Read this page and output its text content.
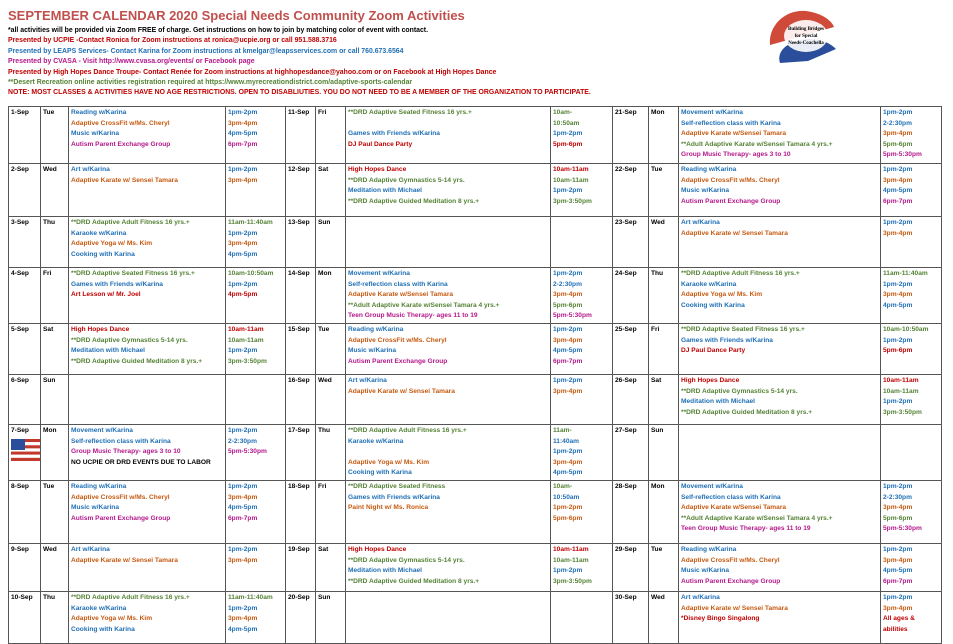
SEPTEMBER CALENDAR 2020 Special Needs Community Zoom Activities
*all activities will be provided via Zoom FREE of charge. Get instructions on how to join by matching color of event with contact.
Presented by UCPIE -Contact Ronica for Zoom instructions at ronica@ucpie.org or call 951.588.3716
Presented by LEAPS Services- Contact Karina for Zoom instructions at kmelgar@leapsservices.com or call 760.673.6564
Presented by CVASA - Visit http://www.cvasa.org/events/ or Facebook page
Presented by High Hopes Dance Troupe- Contact Renée for Zoom instructions at highhopesdance@yahoo.com or on Facebook at High Hopes Dance
**Desert Recreation online activities registration required at https://www.myrecreationdistrict.com/adaptive-sports-calendar
NOTE: MOST CLASSES & ACTIVITIES HAVE NO AGE RESTRICTIONS. OPEN TO DISABLIUTIES. YOU DO NOT NEED TO BE A MEMBER OF THE ORGANIZATION TO PARTICIPATE.
Building Bridges
for Special
Needs-Coachella
1-Sep	Tue	Reading w/Karina
Adaptive CrossFit w/Ms. Cheryl
Music w/Karina
Autism Parent Exchange Group	1pm-2pm
3pm-4pm
4pm-5pm
6pm-7pm	11-Sep	Fri	**DRD Adaptive Seated Fitness 16 yrs.+

Games with Friends w/Karina
DJ Paul Dance Party	10am-
10:50am
1pm-2pm
5pm-6pm	21-Sep	Mon	Movement w/Karina
Self-reflection class with Karina
Adaptive Karate w/Sensei Tamara
**Adult Adaptive Karate w/Sensei Tamara 4 yrs.+
Group Music Therapy- ages 3 to 10	1pm-2pm
2-2:30pm
3pm-4pm
5pm-6pm
5pm-5:30pm

2-Sep	Wed	Art w/Karina
Adaptive Karate w/ Sensei Tamara	1pm-2pm
3pm-4pm	12-Sep	Sat	High Hopes Dance
**DRD Adaptive Gymnastics 5-14 yrs.
Meditation with Michael
**DRD Adaptive Guided Meditation 8 yrs.+	10am-11am
10am-11am
1pm-2pm
3pm-3:50pm	22-Sep	Tue	Reading w/Karina
Adaptive CrossFit w/Ms. Cheryl
Music w/Karina
Autism Parent Exchange Group	1pm-2pm
3pm-4pm
4pm-5pm
6pm-7pm

3-Sep	Thu	**DRD Adaptive Adult Fitness 16 yrs.+
Karaoke w/Karina
Adaptive Yoga w/ Ms. Kim
Cooking with Karina	11am-11:40am
1pm-2pm
3pm-4pm
4pm-5pm	13-Sep	Sun			23-Sep	Wed	Art w/Karina
Adaptive Karate w/ Sensei Tamara	1pm-2pm
3pm-4pm

4-Sep	Fri	**DRD Adaptive Seated Fitness 16 yrs.+
Games with Friends w/Karina
Art Lesson w/ Mr. Joel	10am-10:50am
1pm-2pm
4pm-5pm	14-Sep	Mon	Movement w/Karina
Self-reflection class with Karina
Adaptive Karate w/Sensei Tamara
**Adult Adaptive Karate w/Sensei Tamara 4 yrs.+
Teen Group Music Therapy- ages 11 to 19	1pm-2pm
2-2:30pm
3pm-4pm
5pm-6pm
5pm-5:30pm	24-Sep	Thu	**DRD Adaptive Adult Fitness 16 yrs.+
Karaoke w/Karina
Adaptive Yoga w/ Ms. Kim
Cooking with Karina	11am-11:40am
1pm-2pm
3pm-4pm
4pm-5pm

5-Sep	Sat	High Hopes Dance
**DRD Adaptive Gymnastics 5-14 yrs.
Meditation with Michael
**DRD Adaptive Guided Meditation 8 yrs.+	10am-11am
10am-11am
1pm-2pm
3pm-3:50pm	15-Sep	Tue	Reading w/Karina
Adaptive CrossFit w/Ms. Cheryl
Music w/Karina
Autism Parent Exchange Group	1pm-2pm
3pm-4pm
4pm-5pm
6pm-7pm	25-Sep	Fri	**DRD Adaptive Seated Fitness 16 yrs.+
Games with Friends w/Karina
DJ Paul Dance Party	10am-10:50am
1pm-2pm
5pm-6pm

6-Sep	Sun			16-Sep	Wed	Art w/Karina
Adaptive Karate w/ Sensei Tamara	1pm-2pm
3pm-4pm	26-Sep	Sat	High Hopes Dance
**DRD Adaptive Gymnastics 5-14 yrs.
Meditation with Michael
**DRD Adaptive Guided Meditation 8 yrs.+	10am-11am
10am-11am
1pm-2pm
3pm-3:50pm

7-Sep	Mon	Movement w/Karina
Self-reflection class with Karina
Group Music Therapy- ages 3 to 10
NO UCPIE OR DRD EVENTS DUE TO LABOR	1pm-2pm
2-2:30pm
5pm-5:30pm	17-Sep	Thu	**DRD Adaptive Adult Fitness 16 yrs.+
Karaoke w/Karina

Adaptive Yoga w/ Ms. Kim
Cooking with Karina	11am-
11:40am
1pm-2pm
3pm-4pm
4pm-5pm	27-Sep	Sun		
8-Sep	Tue	Reading w/Karina
Adaptive CrossFit w/Ms. Cheryl
Music w/Karina
Autism Parent Exchange Group	1pm-2pm
3pm-4pm
4pm-5pm
6pm-7pm	18-Sep	Fri	**DRD Adaptive Seated Fitness
Games with Friends w/Karina
Paint Night w/ Ms. Ronica	10am-
10:50am
1pm-2pm
5pm-6pm	28-Sep	Mon	Movement w/Karina
Self-reflection class with Karina
Adaptive Karate w/Sensei Tamara
**Adult Adaptive Karate w/Sensei Tamara 4 yrs.+
Teen Group Music Therapy- ages 11 to 19	1pm-2pm
2-2:30pm
3pm-4pm
5pm-6pm
5pm-5:30pm

9-Sep	Wed	Art w/Karina
Adaptive Karate w/ Sensei Tamara	1pm-2pm
3pm-4pm	19-Sep	Sat	High Hopes Dance
**DRD Adaptive Gymnastics 5-14 yrs.
Meditation with Michael
**DRD Adaptive Guided Meditation 8 yrs.+	10am-11am
10am-11am
1pm-2pm
3pm-3:50pm	29-Sep	Tue	Reading w/Karina
Adaptive CrossFit w/Ms. Cheryl
Music w/Karina
Autism Parent Exchange Group	1pm-2pm
3pm-4pm
4pm-5pm
6pm-7pm

10-Sep	Thu	**DRD Adaptive Adult Fitness 16 yrs.+
Karaoke w/Karina
Adaptive Yoga w/ Ms. Kim
Cooking with Karina	11am-11:40am
1pm-2pm
3pm-4pm
4pm-5pm	20-Sep	Sun			30-Sep	Wed	Art w/Karina
Adaptive Karate w/ Sensei Tamara
*Disney Bingo Singalong	1pm-2pm
3pm-4pm
All ages &
abilities
